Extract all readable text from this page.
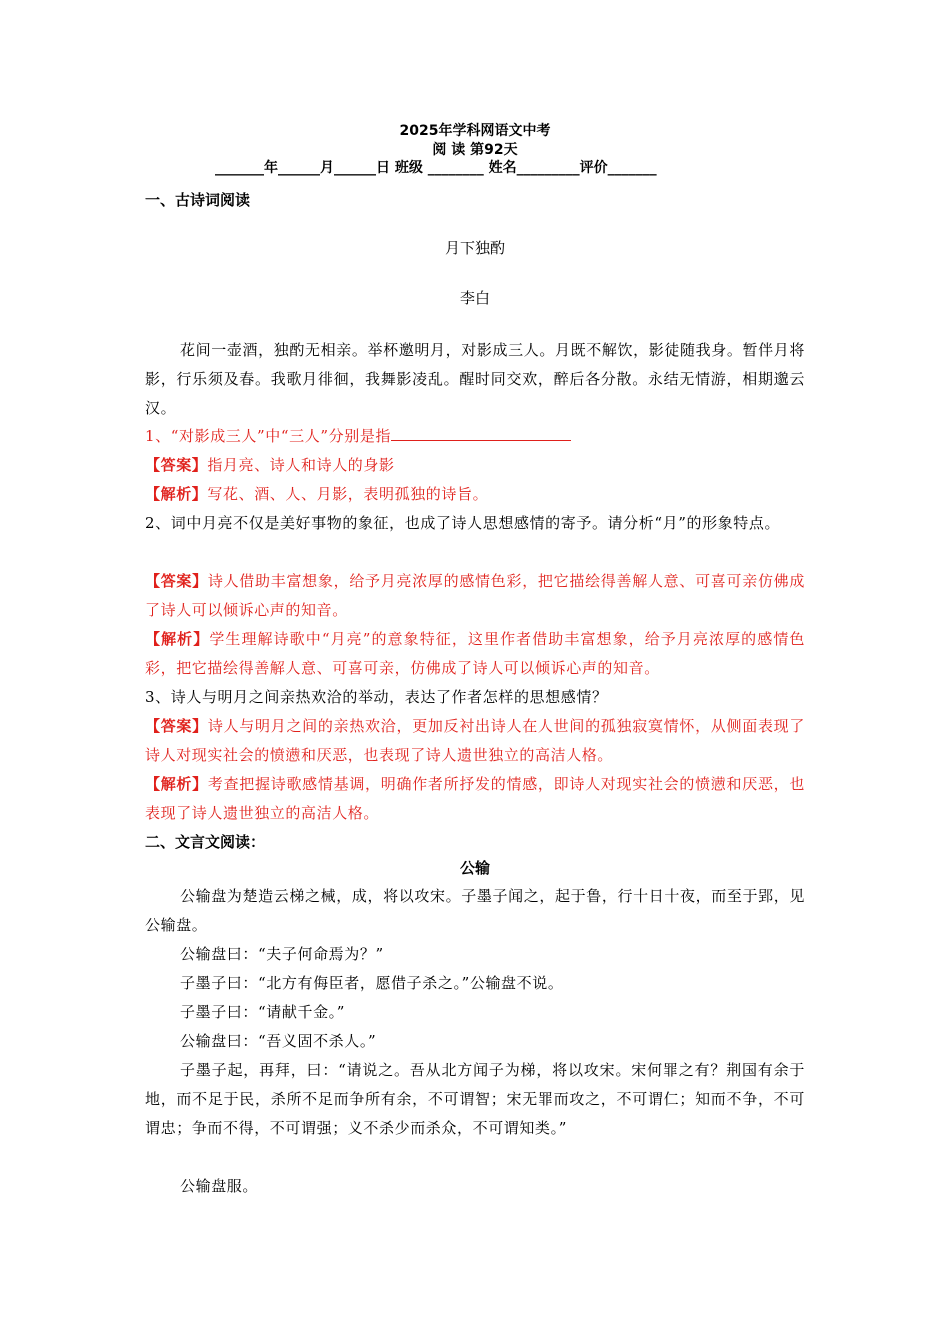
2025年学科网语文中考
阅 读 第92天
_______年______月______日 班级 ________ 姓名_________评价_______
一、古诗词阅读
月下独酌
李白
花间一壶酒，独酌无相亲。举杯邀明月，对影成三人。月既不解饮，影徒随我身。暂伴月将影，行乐须及春。我歌月徘徊，我舞影凌乱。醒时同交欢，醉后各分散。永结无情游，相期邈云汉。
1、“对影成三人”中“三人”分别是指
【答案】指月亮、诗人和诗人的身影
【解析】写花、酒、人、月影，表明孤独的诗旨。
2、词中月亮不仅是美好事物的象征，也成了诗人思想感情的寄予。请分析“月”的形象特点。
【答案】诗人借助丰富想象，给予月亮浓厚的感情色彩，把它描绘得善解人意、可喜可亲仿佛成了诗人可以倾诉心声的知音。
【解析】学生理解诗歌中“月亮”的意象特征，这里作者借助丰富想象，给予月亮浓厚的感情色彩，把它描绘得善解人意、可喜可亲，仿佛成了诗人可以倾诉心声的知音。
3、诗人与明月之间亲热欢洽的举动，表达了作者怎样的思想感情？
【答案】诗人与明月之间的亲热欢洽，更加反衬出诗人在人世间的孤独寂寞情怀，从侧面表现了诗人对现实社会的愤懑和厌恶，也表现了诗人遗世独立的高洁人格。
【解析】考查把握诗歌感情基调，明确作者所抒发的情感，即诗人对现实社会的愤懑和厌恶，也表现了诗人遗世独立的高洁人格。
二、文言文阅读：
公输
公输盘为楚造云梯之械，成，将以攻宋。子墨子闻之，起于鲁，行十日十夜，而至于郢，见公输盘。
公输盘曰：“夫子何命焉为？”
子墨子曰：“北方有侮臣者，愿借子杀之。”公输盘不说。
子墨子曰：“请献千金。”
公输盘曰：“吾义固不杀人。”
子墨子起，再拜，曰：“请说之。吾从北方闻子为梯，将以攻宋。宋何罪之有？荆国有余于地，而不足于民，杀所不足而争所有余，不可谓智；宋无罪而攻之，不可谓仁；知而不争，不可谓忠；争而不得，不可谓强；义不杀少而杀众，不可谓知类。”
公输盘服。
